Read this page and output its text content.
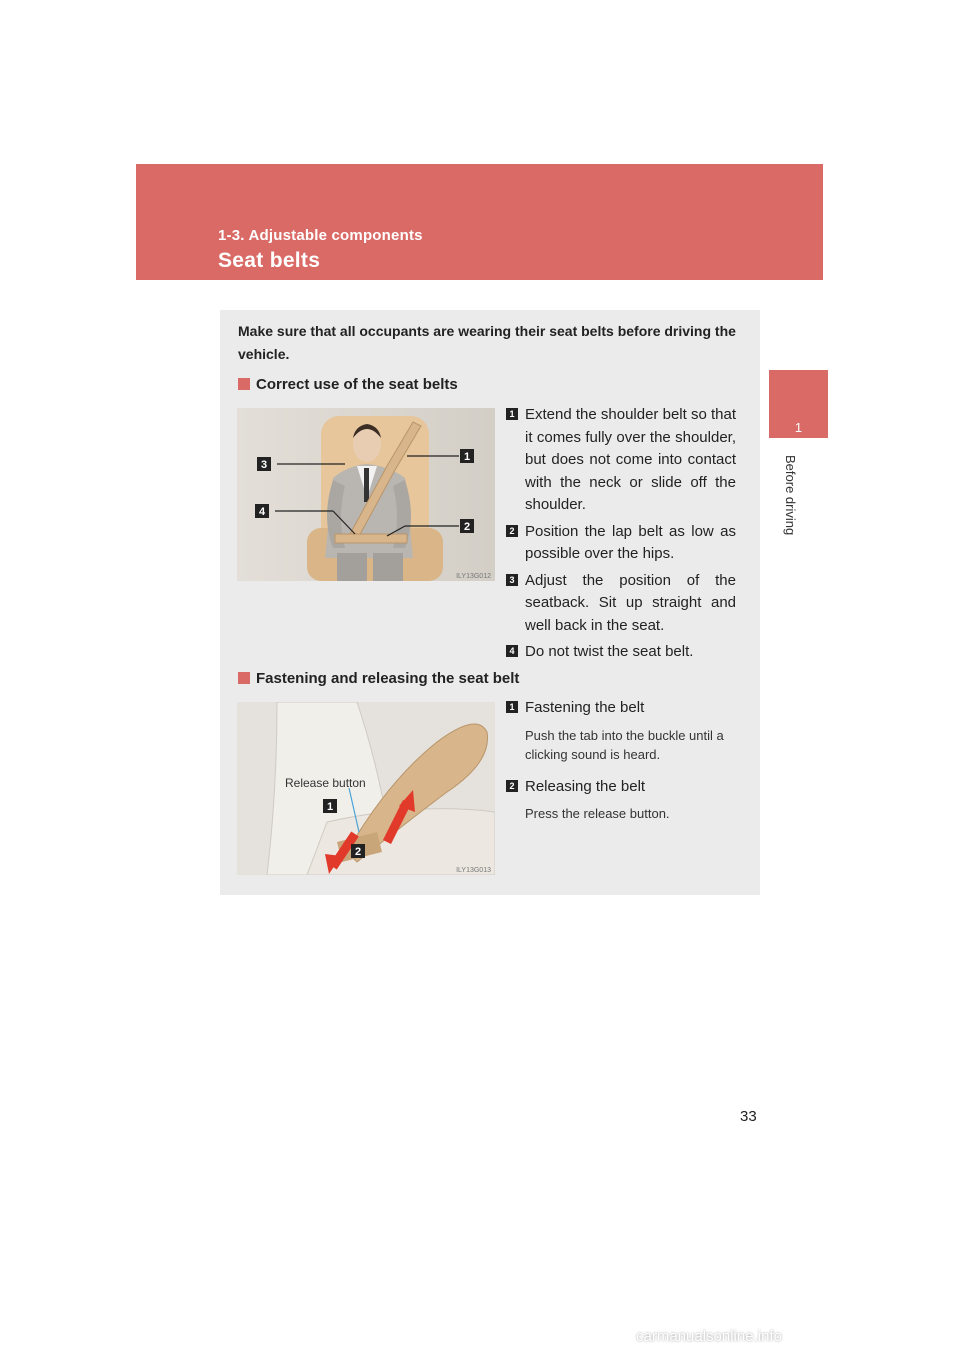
1-3. Adjustable components
Seat belts
1
Before driving
Make sure that all occupants are wearing their seat belts before driving the vehicle.
Correct use of the seat belts
3
1
4
2
ILY13G012
1 Extend the shoulder belt so that it comes fully over the shoulder, but does not come into contact with the neck or slide off the shoulder.
2 Position the lap belt as low as possible over the hips.
3 Adjust the position of the seatback. Sit up straight and well back in the seat.
4 Do not twist the seat belt.
Fastening and releasing the seat belt
Release button
1
2
ILY13G013
1 Fastening the belt
Push the tab into the buckle until a clicking sound is heard.
2 Releasing the belt
Press the release button.
33
carmanualsonline.info
